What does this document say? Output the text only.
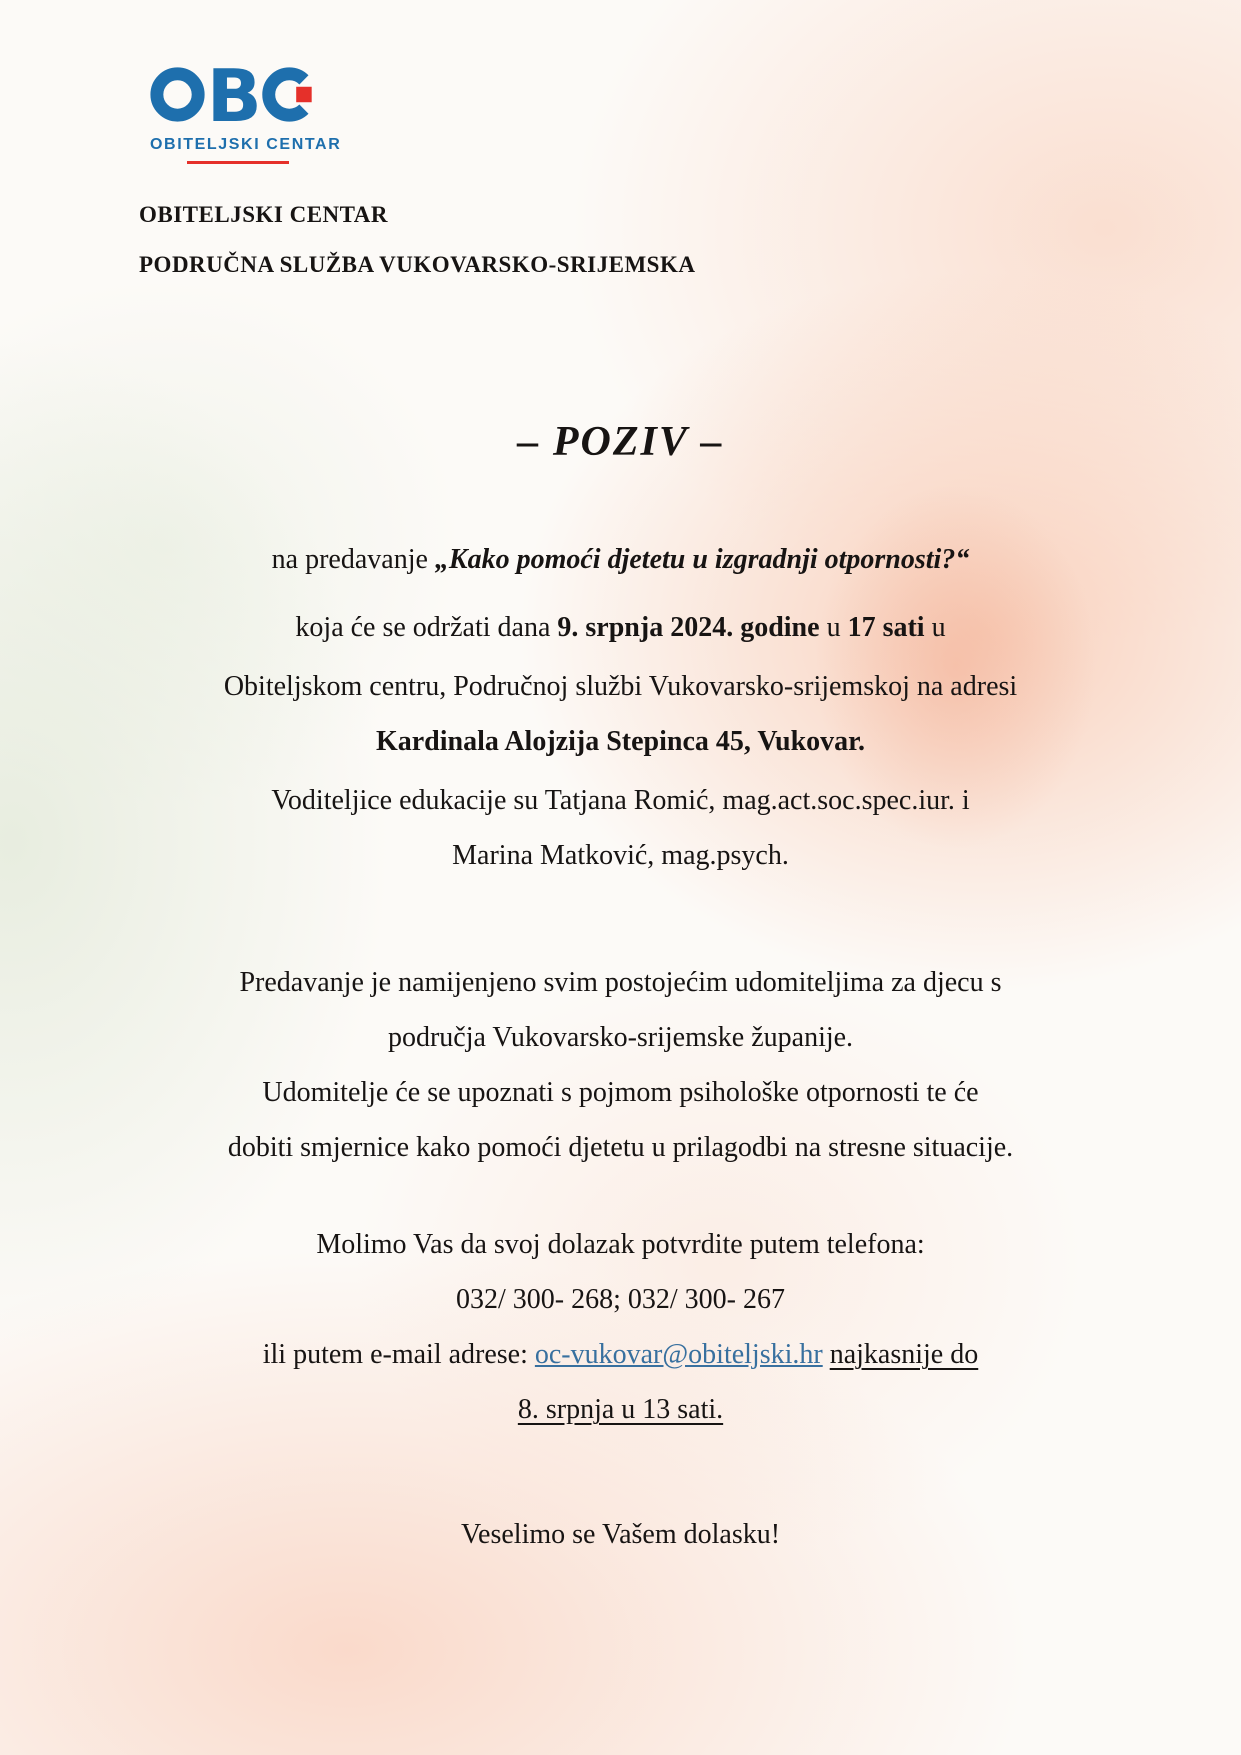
B
OBITELJSKI CENTAR
OBITELJSKI CENTAR
PODRUČNA SLUŽBA VUKOVARSKO-SRIJEMSKA
– POZIV –

na predavanje „Kako pomoći djetetu u izgradnji otpornosti?“

koja će se održati dana 9. srpnja 2024. godine u 17 sati u

Obiteljskom centru, Područnoj službi Vukovarsko-srijemskoj na adresi

Kardinala Alojzija Stepinca 45, Vukovar.

Voditeljice edukacije su Tatjana Romić, mag.act.soc.spec.iur. i

Marina Matković, mag.psych.

Predavanje je namijenjeno svim postojećim udomiteljima za djecu s

područja Vukovarsko-srijemske županije.

Udomitelje će se upoznati s pojmom psihološke otpornosti te će

dobiti smjernice kako pomoći djetetu u prilagodbi na stresne situacije.

Molimo Vas da svoj dolazak potvrdite putem telefona:

032/ 300- 268; 032/ 300- 267

ili putem e-mail adrese: oc-vukovar@obiteljski.hr najkasnije do

8. srpnja u 13 sati.

Veselimo se Vašem dolasku!
